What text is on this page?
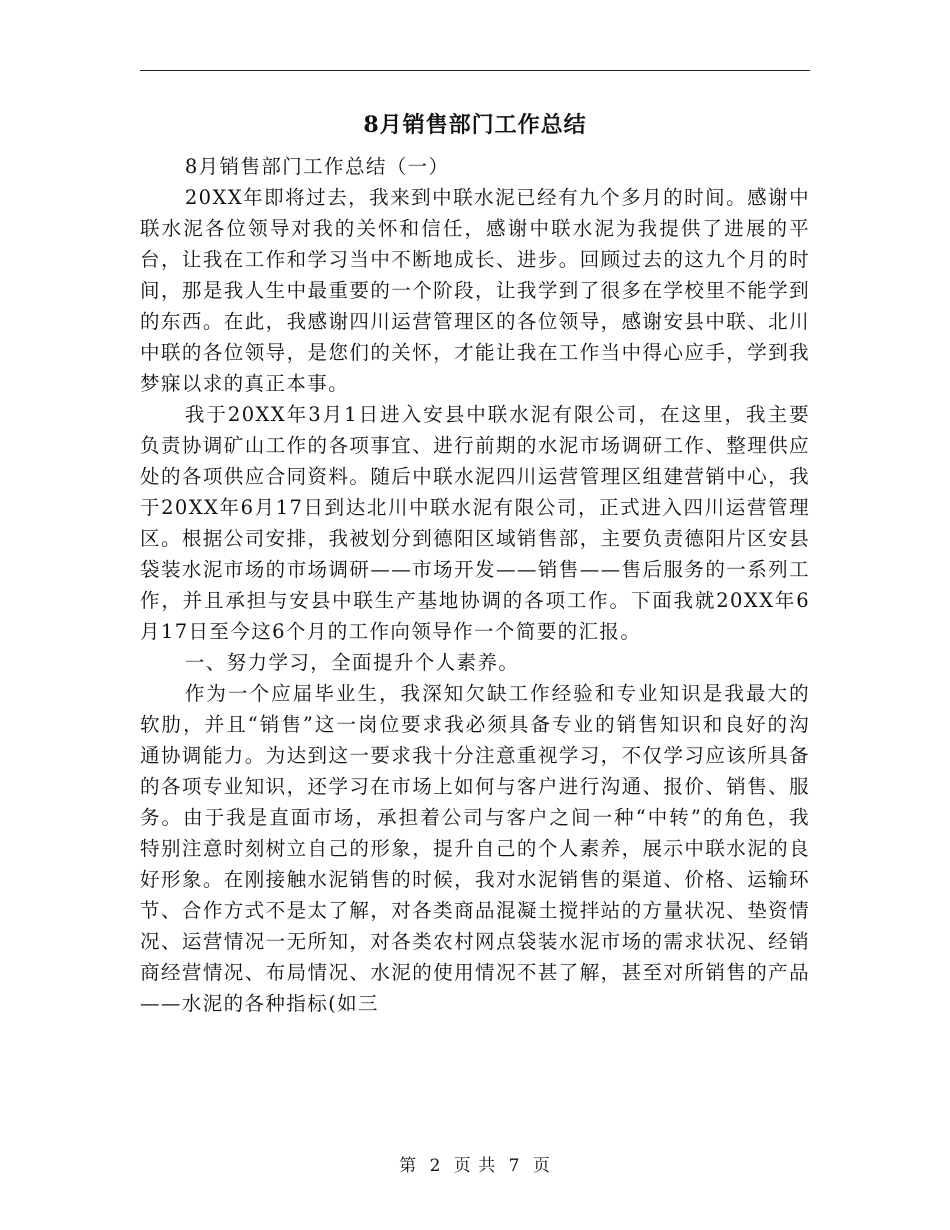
8月销售部门工作总结

8月销售部门工作总结（一）

20XX年即将过去，我来到中联水泥已经有九个多月的时间。感谢中联水泥各位领导对我的关怀和信任，感谢中联水泥为我提供了进展的平台，让我在工作和学习当中不断地成长、进步。回顾过去的这九个月的时间，那是我人生中最重要的一个阶段，让我学到了很多在学校里不能学到的东西。在此，我感谢四川运营管理区的各位领导，感谢安县中联、北川中联的各位领导，是您们的关怀，才能让我在工作当中得心应手，学到我梦寐以求的真正本事。

我于20XX年3月1日进入安县中联水泥有限公司，在这里，我主要负责协调矿山工作的各项事宜、进行前期的水泥市场调研工作、整理供应处的各项供应合同资料。随后中联水泥四川运营管理区组建营销中心，我于20XX年6月17日到达北川中联水泥有限公司，正式进入四川运营管理区。根据公司安排，我被划分到德阳区域销售部，主要负责德阳片区安县袋装水泥市场的市场调研——市场开发——销售——售后服务的一系列工作，并且承担与安县中联生产基地协调的各项工作。下面我就20XX年6月17日至今这6个月的工作向领导作一个简要的汇报。

一、努力学习，全面提升个人素养。

作为一个应届毕业生，我深知欠缺工作经验和专业知识是我最大的软肋，并且“销售”这一岗位要求我必须具备专业的销售知识和良好的沟通协调能力。为达到这一要求我十分注意重视学习，不仅学习应该所具备的各项专业知识，还学习在市场上如何与客户进行沟通、报价、销售、服务。由于我是直面市场，承担着公司与客户之间一种“中转”的角色，我特别注意时刻树立自己的形象，提升自己的个人素养，展示中联水泥的良好形象。在刚接触水泥销售的时候，我对水泥销售的渠道、价格、运输环节、合作方式不是太了解，对各类商品混凝土搅拌站的方量状况、垫资情况、运营情况一无所知，对各类农村网点袋装水泥市场的需求状况、经销商经营情况、布局情况、水泥的使用情况不甚了解，甚至对所销售的产品——水泥的各种指标(如三

第 2 页 共 7 页
